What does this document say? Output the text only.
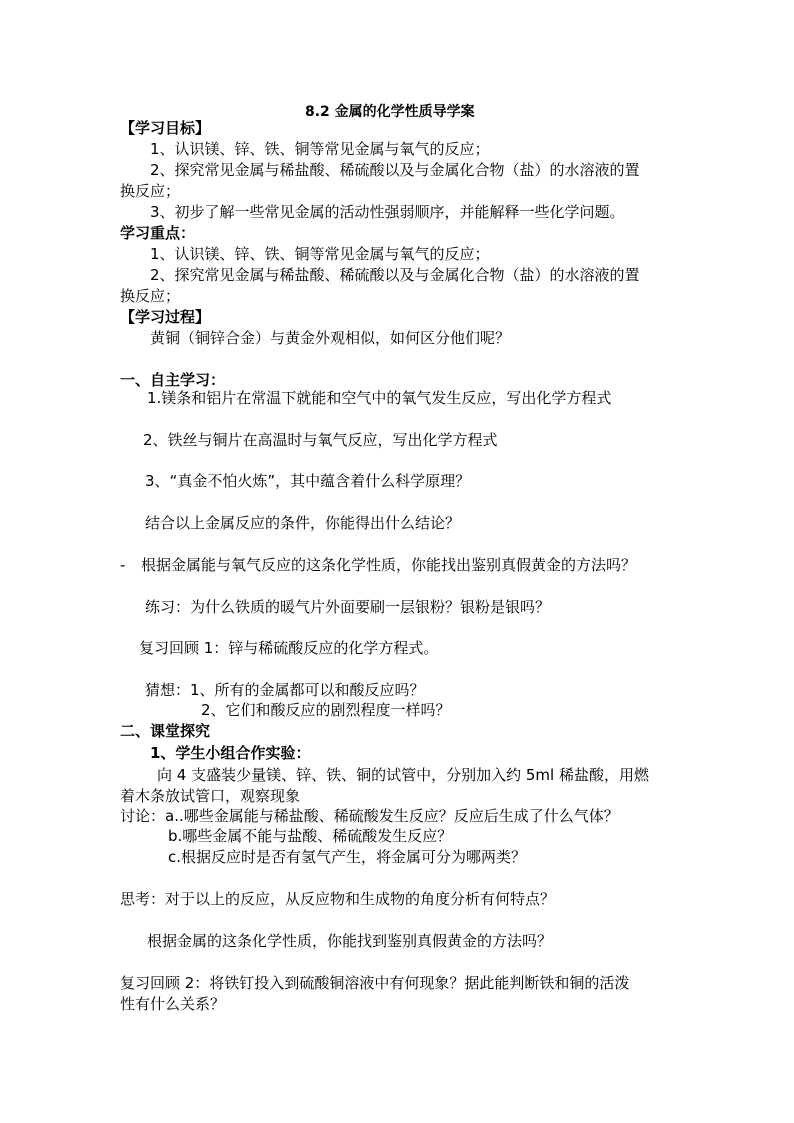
8.2 金属的化学性质导学案
【学习目标】
1、认识镁、锌、铁、铜等常见金属与氧气的反应；
2、探究常见金属与稀盐酸、稀硫酸以及与金属化合物（盐）的水溶液的置
换反应；
3、初步了解一些常见金属的活动性强弱顺序，并能解释一些化学问题。
学习重点：
1、认识镁、锌、铁、铜等常见金属与氧气的反应；
2、探究常见金属与稀盐酸、稀硫酸以及与金属化合物（盐）的水溶液的置
换反应；
【学习过程】
黄铜（铜锌合金）与黄金外观相似，如何区分他们呢？
一、自主学习：
1.镁条和铝片在常温下就能和空气中的氧气发生反应，写出化学方程式
2、铁丝与铜片在高温时与氧气反应，写出化学方程式
3、“真金不怕火炼”，其中蕴含着什么科学原理？
结合以上金属反应的条件，你能得出什么结论？
- 根据金属能与氧气反应的这条化学性质，你能找出鉴别真假黄金的方法吗？
练习：为什么铁质的暖气片外面要刷一层银粉？银粉是银吗？
复习回顾 1：锌与稀硫酸反应的化学方程式。
猜想：1、所有的金属都可以和酸反应吗？
2、它们和酸反应的剧烈程度一样吗？
二、课堂探究
1、学生小组合作实验：
向 4 支盛装少量镁、锌、铁、铜的试管中，分别加入约 5ml 稀盐酸，用燃
着木条放试管口，观察现象
讨论：a..哪些金属能与稀盐酸、稀硫酸发生反应？反应后生成了什么气体？
b.哪些金属不能与盐酸、稀硫酸发生反应？
c.根据反应时是否有氢气产生，将金属可分为哪两类？
思考：对于以上的反应，从反应物和生成物的角度分析有何特点？
根据金属的这条化学性质，你能找到鉴别真假黄金的方法吗？
复习回顾 2：将铁钉投入到硫酸铜溶液中有何现象？据此能判断铁和铜的活泼
性有什么关系？
